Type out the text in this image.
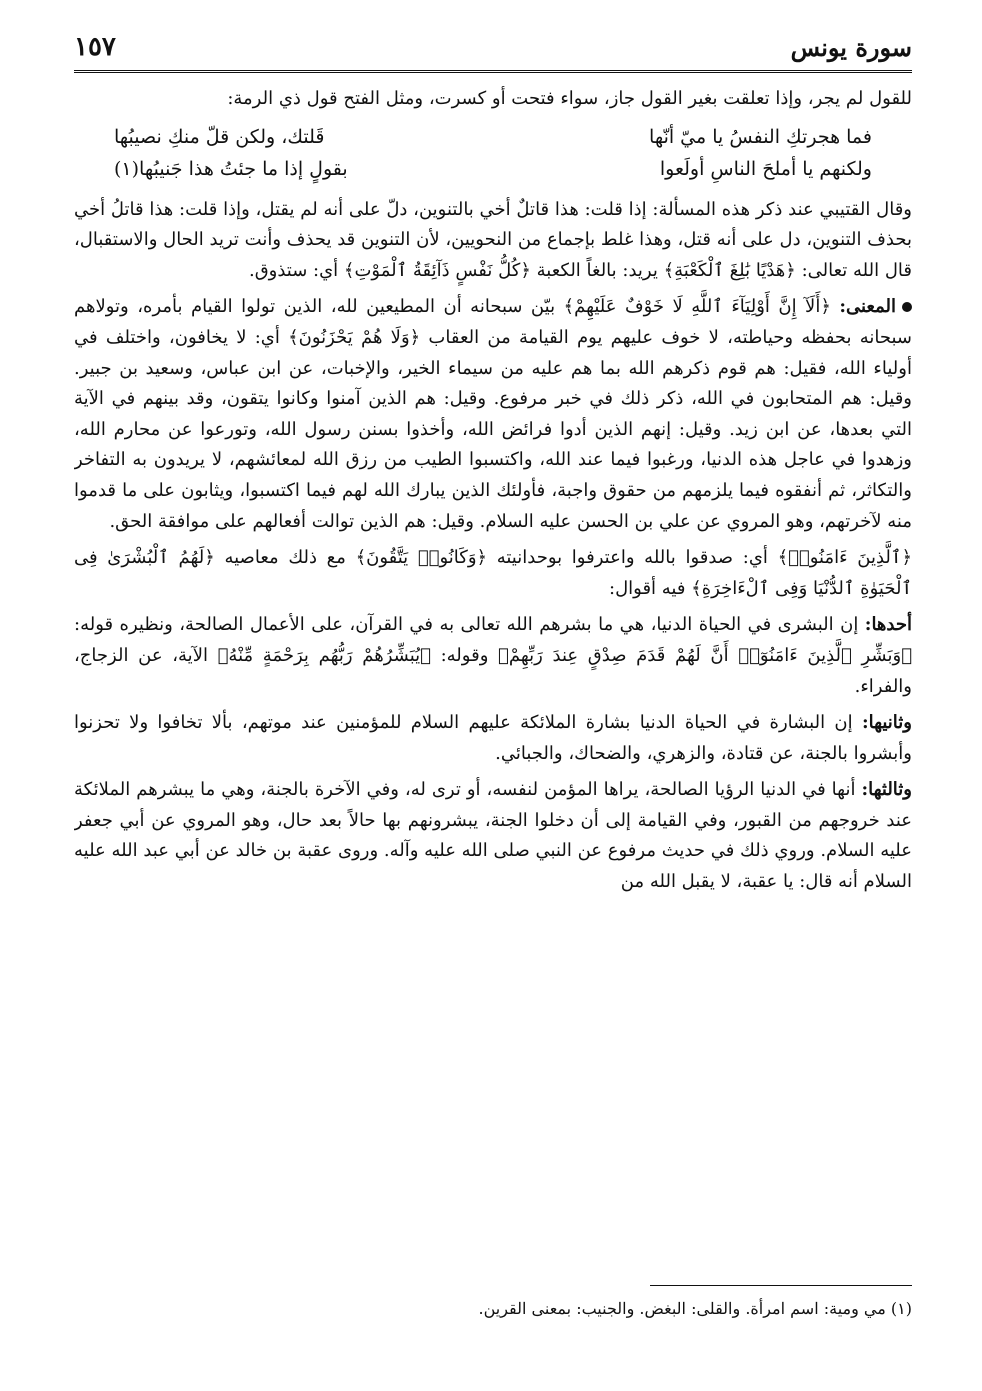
١٥٧	سورة يونس

للقول لم يجر، وإذا تعلقت بغير القول جاز، سواء فتحت أو كسرت، ومثل الفتح قول ذي الرمة:

فما هجرتكِ النفسُ يا ميّ أنّها
قَلتك، ولكن قلّ منكِ نصيبُها
ولكنهم يا أملحَ الناسِ أولَعوا
بقولٍ إذا ما جئتُ هذا جَنيبُها(١)

وقال القتيبي عند ذكر هذه المسألة: إذا قلت: هذا قاتلٌ أخي بالتنوين، دلّ على أنه لم يقتل، وإذا قلت: هذا قاتلُ أخي بحذف التنوين، دل على أنه قتل، وهذا غلط بإجماع من النحويين، لأن التنوين قد يحذف وأنت تريد الحال والاستقبال، قال الله تعالى: ﴿هَدْيًا بَٰلِغَ ٱلْكَعْبَةِ﴾ يريد: بالغاً الكعبة ﴿كُلُّ نَفْسٍ ذَآئِقَةُ ٱلْمَوْتِ﴾ أي: ستذوق.

المعنى: ﴿أَلَآ إِنَّ أَوْلِيَآءَ ٱللَّهِ لَا خَوْفٌ عَلَيْهِمْ﴾ بيّن سبحانه أن المطيعين لله، الذين تولوا القيام بأمره، وتولاهم سبحانه بحفظه وحياطته، لا خوف عليهم يوم القيامة من العقاب ﴿وَلَا هُمْ يَحْزَنُونَ﴾ أي: لا يخافون، واختلف في أولياء الله، فقيل: هم قوم ذكرهم الله بما هم عليه من سيماء الخير، والإخبات، عن ابن عباس، وسعيد بن جبير. وقيل: هم المتحابون في الله، ذكر ذلك في خبر مرفوع. وقيل: هم الذين آمنوا وكانوا يتقون، وقد بينهم في الآية التي بعدها، عن ابن زيد. وقيل: إنهم الذين أدوا فرائض الله، وأخذوا بسنن رسول الله، وتورعوا عن محارم الله، وزهدوا في عاجل هذه الدنيا، ورغبوا فيما عند الله، واكتسبوا الطيب من رزق الله لمعائشهم، لا يريدون به التفاخر والتكاثر، ثم أنفقوه فيما يلزمهم من حقوق واجبة، فأولئك الذين يبارك الله لهم فيما اكتسبوا، ويثابون على ما قدموا منه لآخرتهم، وهو المروي عن علي بن الحسن عليه السلام. وقيل: هم الذين توالت أفعالهم على موافقة الحق.

﴿ٱلَّذِينَ ءَامَنُوا۟﴾ أي: صدقوا بالله واعترفوا بوحدانيته ﴿وَكَانُوا۟ يَتَّقُونَ﴾ مع ذلك معاصيه ﴿لَهُمُ ٱلْبُشْرَىٰ فِى ٱلْحَيَوٰةِ ٱلدُّنْيَا وَفِى ٱلْءَاخِرَةِ﴾ فيه أقوال:

أحدها: إن البشرى في الحياة الدنيا، هي ما بشرهم الله تعالى به في القرآن، على الأعمال الصالحة، ونظيره قوله: ﴿وَبَشِّرِ ٱلَّذِينَ ءَامَنُوٓا۟ أَنَّ لَهُمْ قَدَمَ صِدْقٍ عِندَ رَبِّهِمْ﴾ وقوله: ﴿يُبَشِّرُهُمْ رَبُّهُم بِرَحْمَةٍ مِّنْهُ﴾ الآية، عن الزجاج، والفراء.

وثانيها: إن البشارة في الحياة الدنيا بشارة الملائكة عليهم السلام للمؤمنين عند موتهم، بألا تخافوا ولا تحزنوا وأبشروا بالجنة، عن قتادة، والزهري، والضحاك، والجبائي.

وثالثها: أنها في الدنيا الرؤيا الصالحة، يراها المؤمن لنفسه، أو ترى له، وفي الآخرة بالجنة، وهي ما يبشرهم الملائكة عند خروجهم من القبور، وفي القيامة إلى أن دخلوا الجنة، يبشرونهم بها حالاً بعد حال، وهو المروي عن أبي جعفر عليه السلام. وروي ذلك في حديث مرفوع عن النبي صلى الله عليه وآله. وروى عقبة بن خالد عن أبي عبد الله عليه السلام أنه قال: يا عقبة، لا يقبل الله من

(١) مي ومية: اسم امرأة. والقلى: البغض. والجنيب: بمعنى القرين.
